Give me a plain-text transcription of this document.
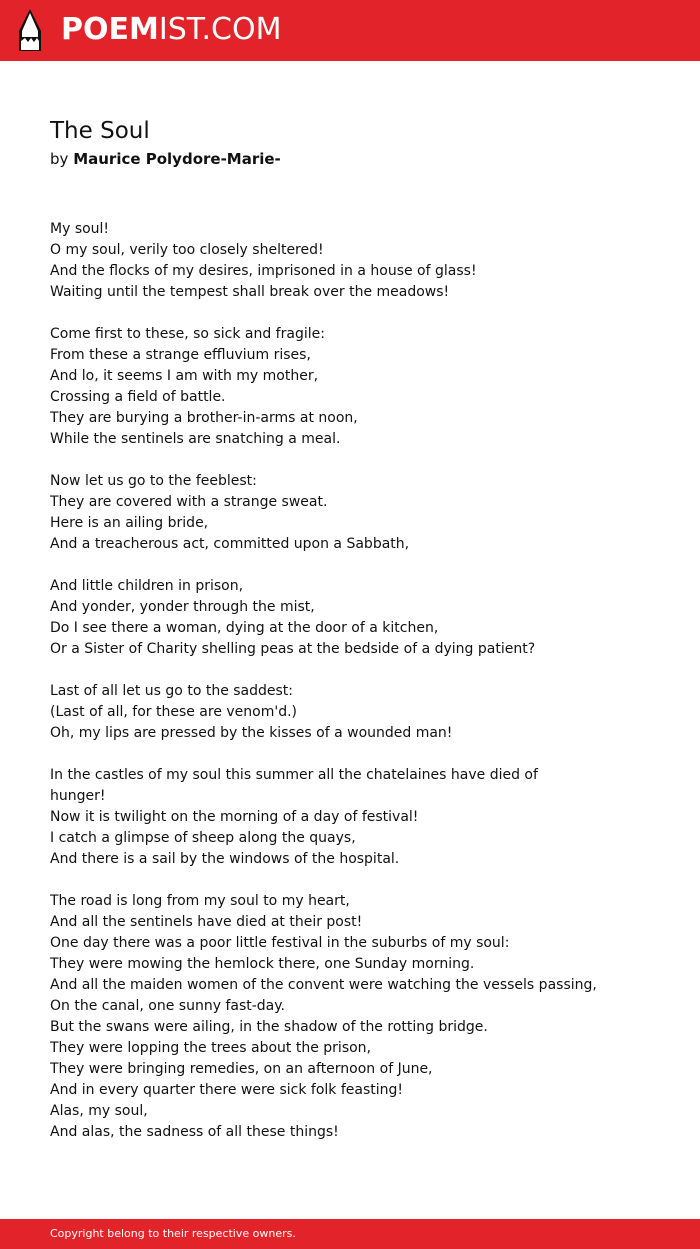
POEMIST.COM
The Soul
by Maurice Polydore-Marie-
My soul!
O my soul, verily too closely sheltered!
And the flocks of my desires, imprisoned in a house of glass!
Waiting until the tempest shall break over the meadows!
Come first to these, so sick and fragile:
From these a strange effluvium rises,
And lo, it seems I am with my mother,
Crossing a field of battle.
They are burying a brother-in-arms at noon,
While the sentinels are snatching a meal.
Now let us go to the feeblest:
They are covered with a strange sweat.
Here is an ailing bride,
And a treacherous act, committed upon a Sabbath,
And little children in prison,
And yonder, yonder through the mist,
Do I see there a woman, dying at the door of a kitchen,
Or a Sister of Charity shelling peas at the bedside of a dying patient?
Last of all let us go to the saddest:
(Last of all, for these are venom'd.)
Oh, my lips are pressed by the kisses of a wounded man!
In the castles of my soul this summer all the chatelaines have died of
hunger!
Now it is twilight on the morning of a day of festival!
I catch a glimpse of sheep along the quays,
And there is a sail by the windows of the hospital.
The road is long from my soul to my heart,
And all the sentinels have died at their post!
One day there was a poor little festival in the suburbs of my soul:
They were mowing the hemlock there, one Sunday morning.
And all the maiden women of the convent were watching the vessels passing,
On the canal, one sunny fast-day.
But the swans were ailing, in the shadow of the rotting bridge.
They were lopping the trees about the prison,
They were bringing remedies, on an afternoon of June,
And in every quarter there were sick folk feasting!
Alas, my soul,
And alas, the sadness of all these things!
Copyright belong to their respective owners.
